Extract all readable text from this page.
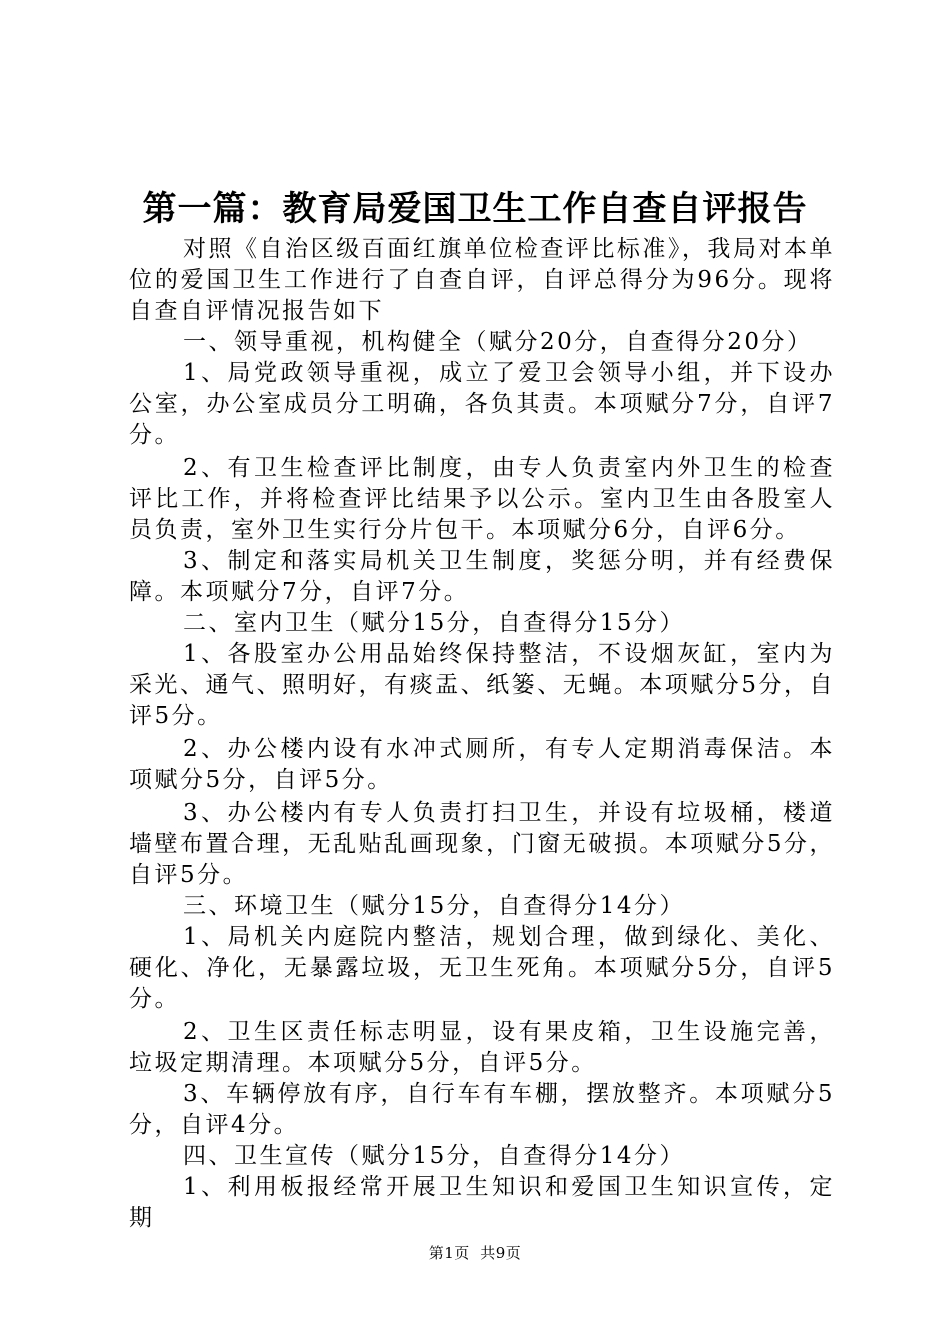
第一篇：教育局爱国卫生工作自查自评报告

对照《自治区级百面红旗单位检查评比标准》，我局对本单位的爱国卫生工作进行了自查自评，自评总得分为96分。现将自查自评情况报告如下

一、领导重视，机构健全（赋分20分，自查得分20分）

1、局党政领导重视，成立了爱卫会领导小组，并下设办公室，办公室成员分工明确，各负其责。本项赋分7分，自评7分。

2、有卫生检查评比制度，由专人负责室内外卫生的检查评比工作，并将检查评比结果予以公示。室内卫生由各股室人员负责，室外卫生实行分片包干。本项赋分6分，自评6分。

3、制定和落实局机关卫生制度，奖惩分明，并有经费保障。本项赋分7分，自评7分。

二、室内卫生（赋分15分，自查得分15分）

1、各股室办公用品始终保持整洁，不设烟灰缸，室内为采光、通气、照明好，有痰盂、纸篓、无蝇。本项赋分5分，自评5分。

2、办公楼内设有水冲式厕所，有专人定期消毒保洁。本项赋分5分，自评5分。

3、办公楼内有专人负责打扫卫生，并设有垃圾桶，楼道墙壁布置合理，无乱贴乱画现象，门窗无破损。本项赋分5分，自评5分。

三、环境卫生（赋分15分，自查得分14分）

1、局机关内庭院内整洁，规划合理，做到绿化、美化、硬化、净化，无暴露垃圾，无卫生死角。本项赋分5分，自评5分。

2、卫生区责任标志明显，设有果皮箱，卫生设施完善，垃圾定期清理。本项赋分5分，自评5分。

3、车辆停放有序，自行车有车棚，摆放整齐。本项赋分5分，自评4分。

四、卫生宣传（赋分15分，自查得分14分）

1、利用板报经常开展卫生知识和爱国卫生知识宣传，定期

第1页  共9页
